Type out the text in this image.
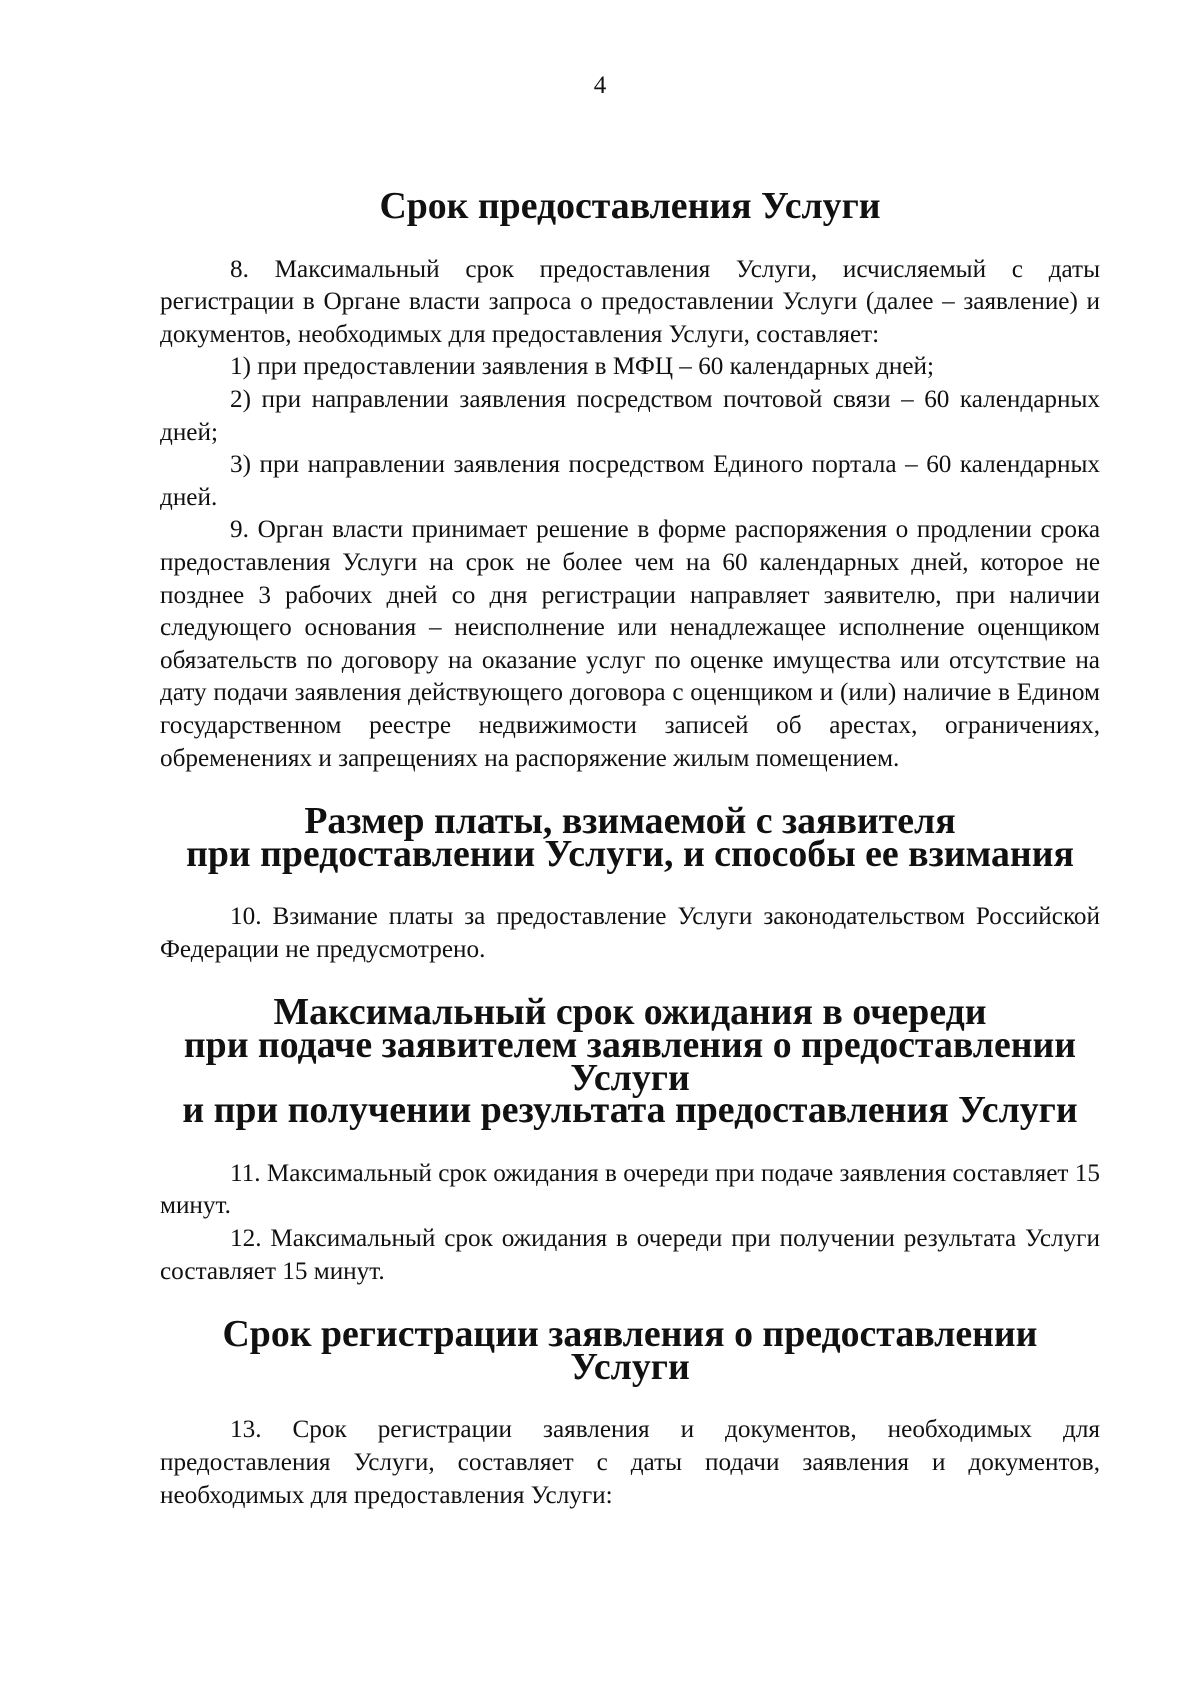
4
Срок предоставления Услуги

8. Максимальный срок предоставления Услуги, исчисляемый с даты регистрации в Органе власти запроса о предоставлении Услуги (далее – заявление) и документов, необходимых для предоставления Услуги, составляет:

1) при предоставлении заявления в МФЦ – 60 календарных дней;

2) при направлении заявления посредством почтовой связи – 60 календарных дней;

3) при направлении заявления посредством Единого портала – 60 календарных дней.

9. Орган власти принимает решение в форме распоряжения о продлении срока предоставления Услуги на срок не более чем на 60 календарных дней, которое не позднее 3 рабочих дней со дня регистрации направляет заявителю, при наличии следующего основания – неисполнение или ненадлежащее исполнение оценщиком обязательств по договору на оказание услуг по оценке имущества или отсутствие на дату подачи заявления действующего договора с оценщиком и (или) наличие в Едином государственном реестре недвижимости записей об арестах, ограничениях, обременениях и запрещениях на распоряжение жилым помещением.

Размер платы, взимаемой с заявителя
при предоставлении Услуги, и способы ее взимания

10. Взимание платы за предоставление Услуги законодательством Российской Федерации не предусмотрено.

Максимальный срок ожидания в очереди
при подаче заявителем заявления о предоставлении Услуги
и при получении результата предоставления Услуги

11. Максимальный срок ожидания в очереди при подаче заявления составляет 15 минут.

12. Максимальный срок ожидания в очереди при получении результата Услуги составляет 15 минут.

Срок регистрации заявления о предоставлении Услуги

13. Срок регистрации заявления и документов, необходимых для предоставления Услуги, составляет с даты подачи заявления и документов, необходимых для предоставления Услуги:
